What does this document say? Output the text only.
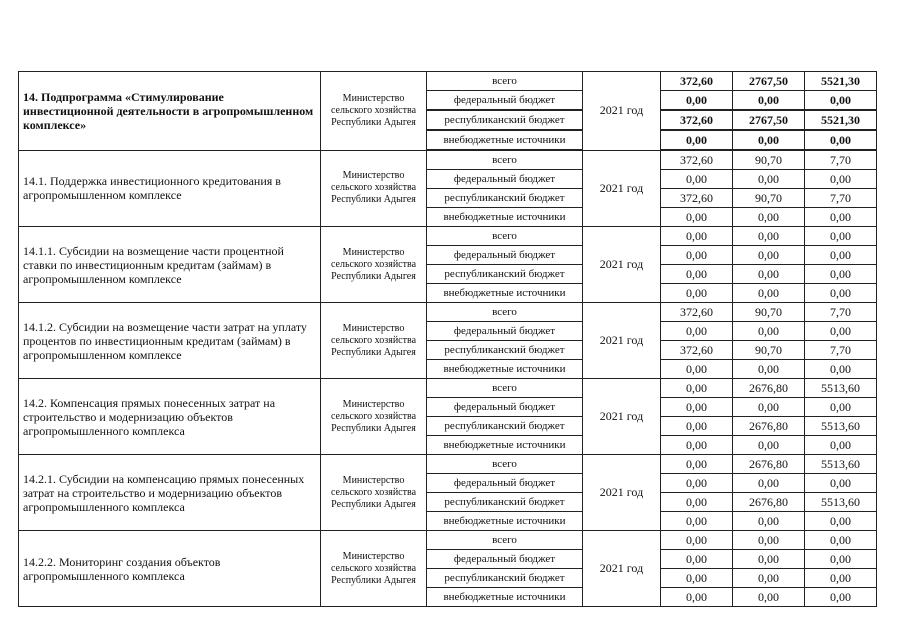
14. Подпрограмма «Стимулирование инвестиционной деятельности в агропромышленном комплексе»	Министерство сельского хозяйства Республики Адыгея	всего	2021 год	372,60	2767,50	5521,30
		федеральный бюджет		0,00	0,00	0,00
		республиканский бюджет		372,60	2767,50	5521,30
		внебюджетные источники		0,00	0,00	0,00
14.1. Поддержка инвестиционного кредитования в агропромышленном комплексе	Министерство сельского хозяйства Республики Адыгея	всего	2021 год	372,60	90,70	7,70
		федеральный бюджет		0,00	0,00	0,00
		республиканский бюджет		372,60	90,70	7,70
		внебюджетные источники		0,00	0,00	0,00
14.1.1. Субсидии на возмещение части процентной ставки по инвестиционным кредитам (займам) в агропромышленном комплексе	Министерство сельского хозяйства Республики Адыгея	всего	2021 год	0,00	0,00	0,00
		федеральный бюджет		0,00	0,00	0,00
		республиканский бюджет		0,00	0,00	0,00
		внебюджетные источники		0,00	0,00	0,00
14.1.2. Субсидии на возмещение части затрат на уплату процентов по инвестиционным кредитам (займам) в агропромышленном комплексе	Министерство сельского хозяйства Республики Адыгея	всего	2021 год	372,60	90,70	7,70
		федеральный бюджет		0,00	0,00	0,00
		республиканский бюджет		372,60	90,70	7,70
		внебюджетные источники		0,00	0,00	0,00
14.2. Компенсация прямых понесенных затрат на строительство и модернизацию объектов агропромышленного комплекса	Министерство сельского хозяйства Республики Адыгея	всего	2021 год	0,00	2676,80	5513,60
		федеральный бюджет		0,00	0,00	0,00
		республиканский бюджет		0,00	2676,80	5513,60
		внебюджетные источники		0,00	0,00	0,00
14.2.1. Субсидии на компенсацию прямых понесенных затрат на строительство и модернизацию объектов агропромышленного комплекса	Министерство сельского хозяйства Республики Адыгея	всего	2021 год	0,00	2676,80	5513,60
		федеральный бюджет		0,00	0,00	0,00
		республиканский бюджет		0,00	2676,80	5513,60
		внебюджетные источники		0,00	0,00	0,00
14.2.2. Мониторинг создания объектов агропромышленного комплекса	Министерство сельского хозяйства Республики Адыгея	всего	2021 год	0,00	0,00	0,00
		федеральный бюджет		0,00	0,00	0,00
		республиканский бюджет		0,00	0,00	0,00
		внебюджетные источники		0,00	0,00	0,00
